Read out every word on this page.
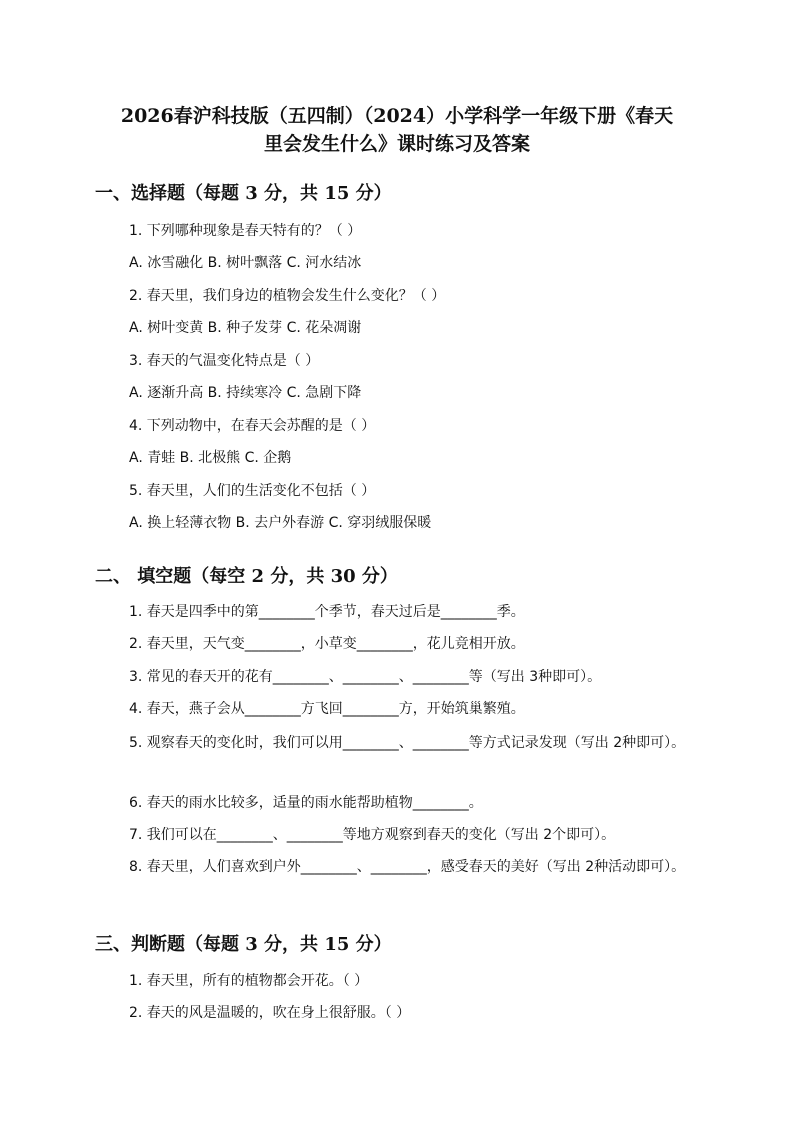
2026春沪科技版（五四制）（2024）小学科学一年级下册《春天
里会发生什么》课时练习及答案
一、选择题（每题 3 分，共 15 分）
1. 下列哪种现象是春天特有的？（ ）
A. 冰雪融化 B. 树叶飘落 C. 河水结冰
2. 春天里，我们身边的植物会发生什么变化？（ ）
A. 树叶变黄 B. 种子发芽 C. 花朵凋谢
3. 春天的气温变化特点是（ ）
A. 逐渐升高 B. 持续寒冷 C. 急剧下降
4. 下列动物中，在春天会苏醒的是（ ）
A. 青蛙 B. 北极熊 C. 企鹅
5. 春天里，人们的生活变化不包括（ ）
A. 换上轻薄衣物 B. 去户外春游 C. 穿羽绒服保暖
二、 填空题（每空 2 分，共 30 分）
1. 春天是四季中的第________个季节，春天过后是________季。
2. 春天里，天气变________，小草变________，花儿竞相开放。
3. 常见的春天开的花有________、________、________等（写出 3种即可）。
4. 春天，燕子会从________方飞回________方，开始筑巢繁殖。
5. 观察春天的变化时，我们可以用________、________等方式记录发现（写出 2种即可）。
6. 春天的雨水比较多，适量的雨水能帮助植物________。
7. 我们可以在________、________等地方观察到春天的变化（写出 2个即可）。
8. 春天里，人们喜欢到户外________、________，感受春天的美好（写出 2种活动即可）。
三、判断题（每题 3 分，共 15 分）
1. 春天里，所有的植物都会开花。（ ）
2. 春天的风是温暖的，吹在身上很舒服。（ ）
